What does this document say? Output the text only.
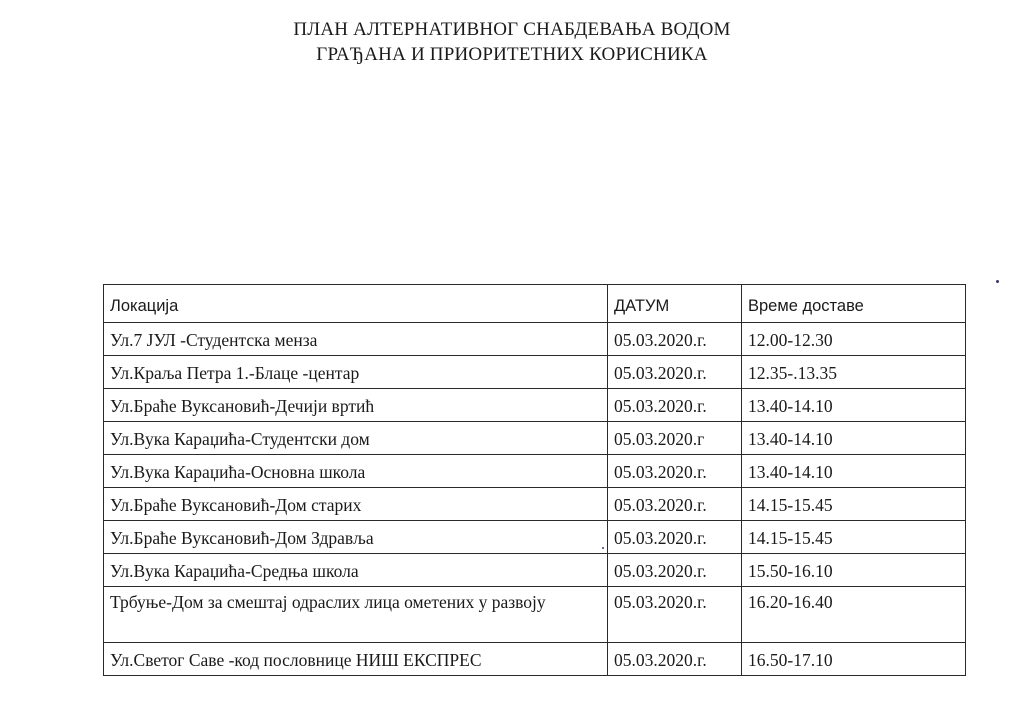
ПЛАН АЛТЕРНАТИВНОГ СНАБДЕВАЊА ВОДОМ
ГРАЂАНА И ПРИОРИТЕТНИХ КОРИСНИКА
Локација	ДАТУМ	Време доставе
Ул.7 ЈУЛ -Студентска менза	05.03.2020.г.	12.00-12.30
Ул.Краља Петра 1.-Блаце -центар	05.03.2020.г.	12.35-.13.35
Ул.Браће Вуксановић-Дечији вртић	05.03.2020.г.	13.40-14.10
Ул.Вука Караџића-Студентски дом	05.03.2020.г	13.40-14.10
Ул.Вука Караџића-Основна школа	05.03.2020.г.	13.40-14.10
Ул.Браће Вуксановић-Дом старих	05.03.2020.г.	14.15-15.45
Ул.Браће Вуксановић-Дом Здравља	05.03.2020.г.	14.15-15.45
Ул.Вука Караџића-Средња школа	05.03.2020.г.	15.50-16.10
Трбуње-Дом за смештај одраслих лица ометених у развоју	05.03.2020.г.	16.20-16.40
Ул.Светог Саве -код пословнице НИШ ЕКСПРЕС	05.03.2020.г.	16.50-17.10
